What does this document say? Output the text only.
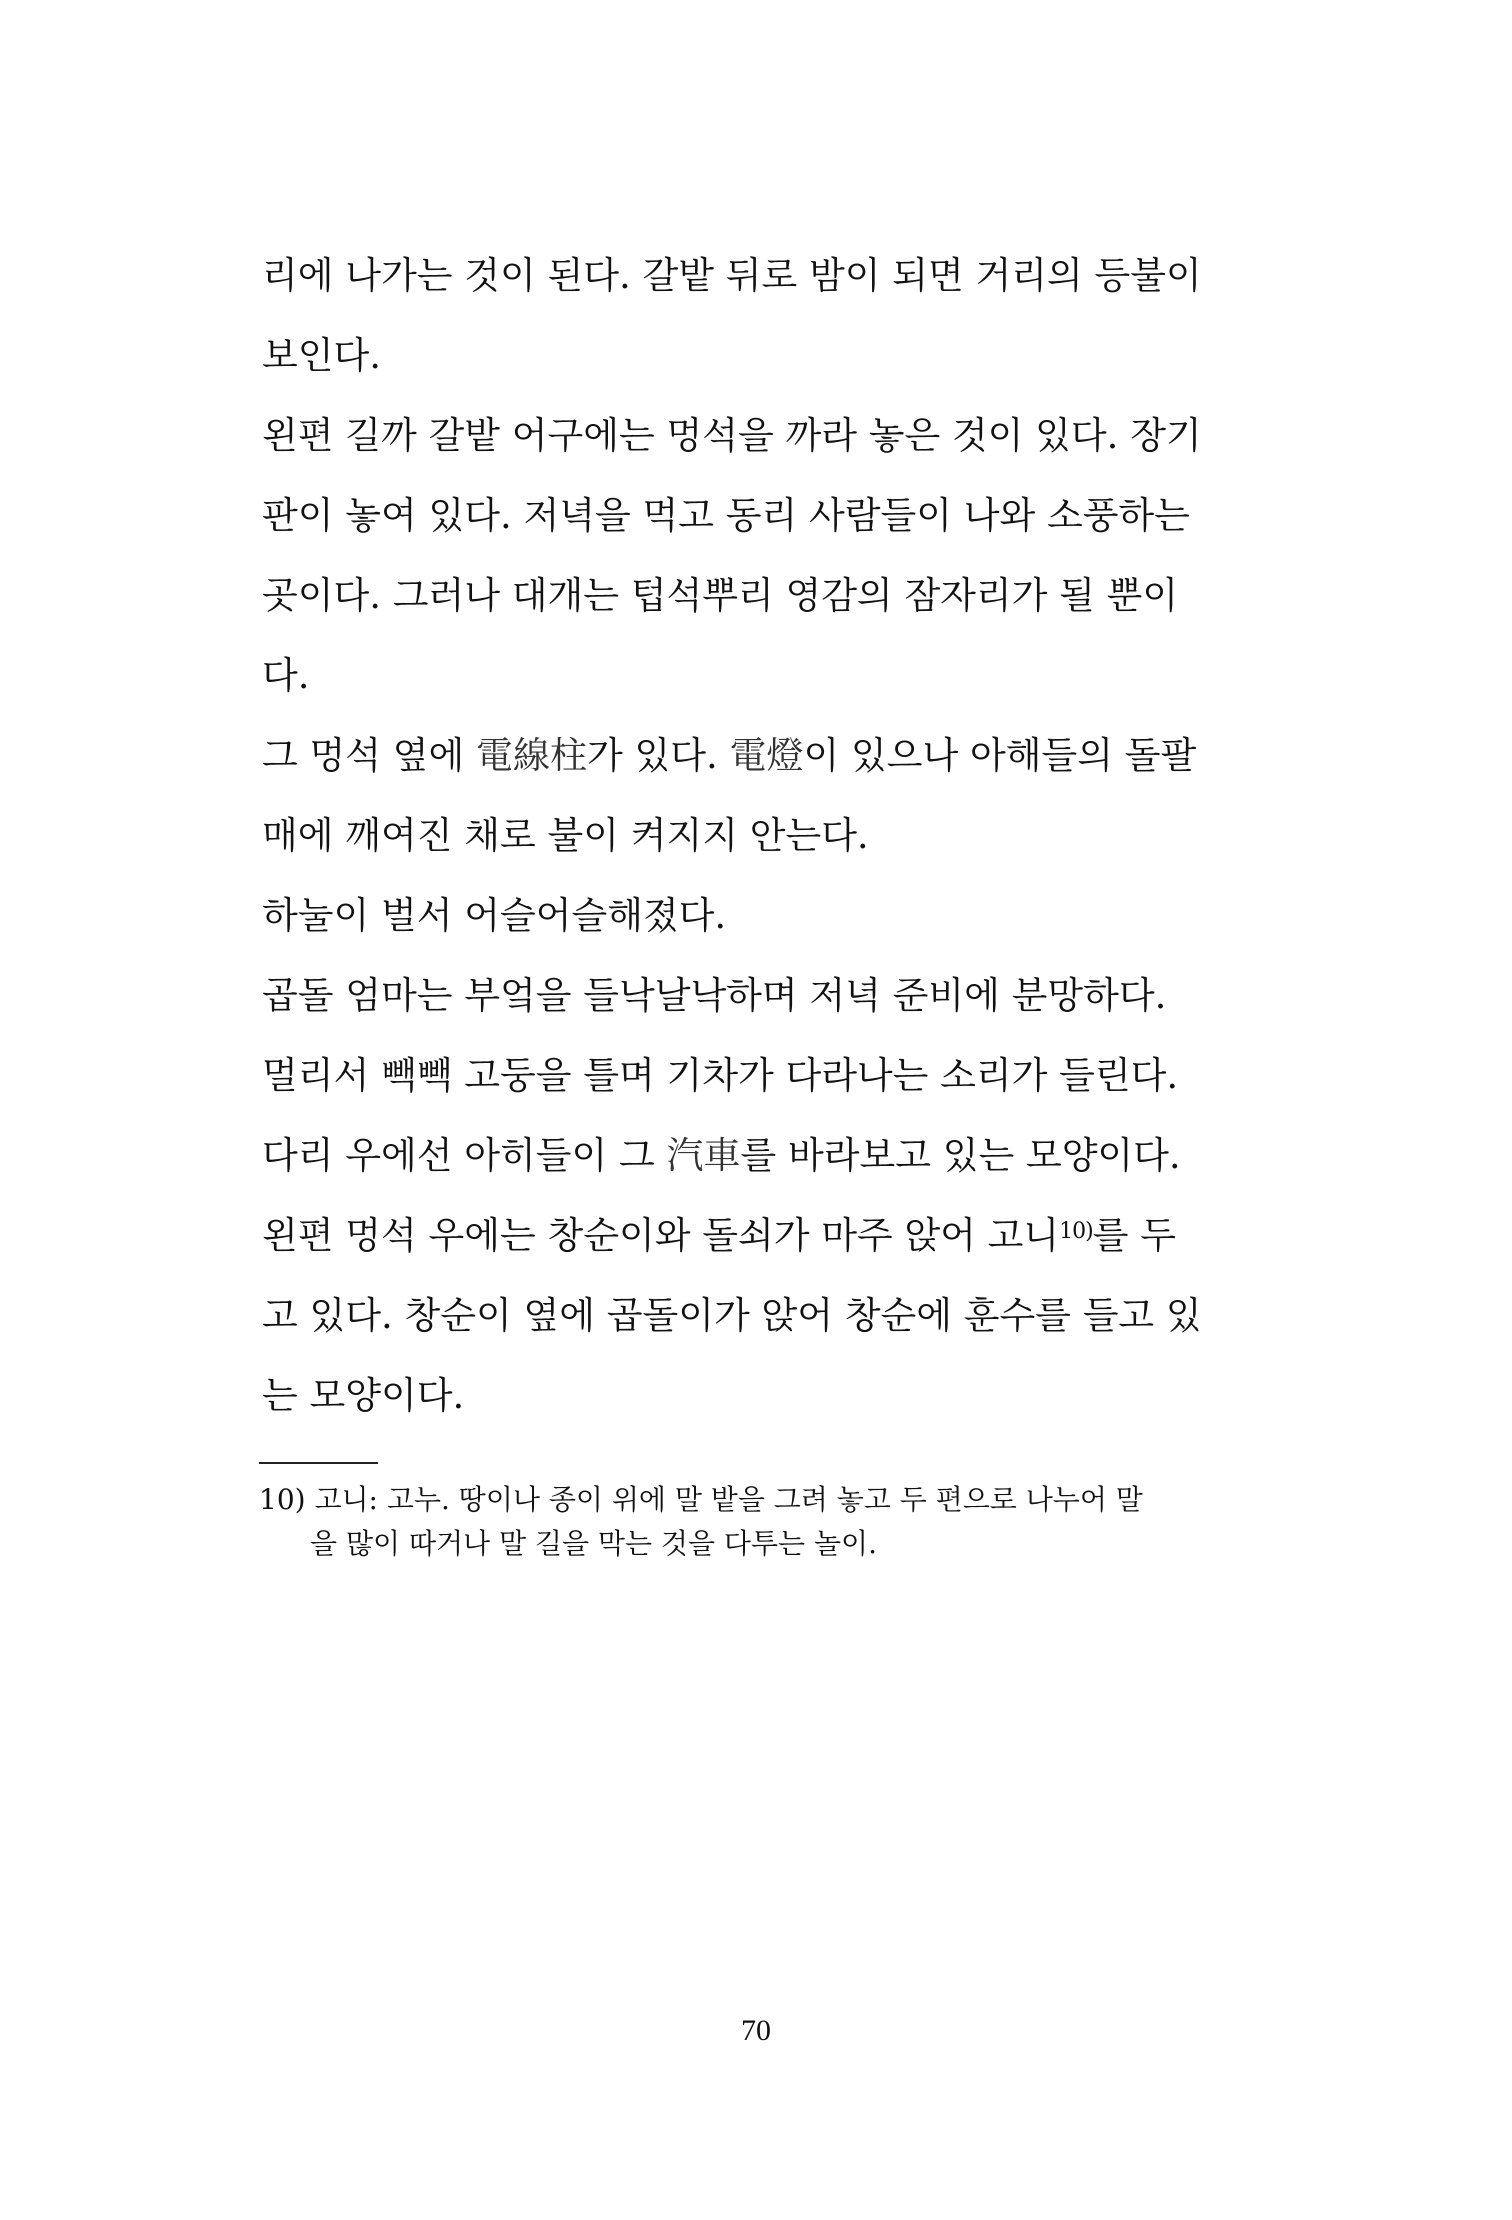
리에 나가는 것이 된다. 갈밭 뒤로 밤이 되면 거리의 등불이
보인다.
왼편 길까 갈밭 어구에는 멍석을 까라 놓은 것이 있다. 장기
판이 놓여 있다. 저녁을 먹고 동리 사람들이 나와 소풍하는
곳이다. 그러나 대개는 텁석뿌리 영감의 잠자리가 될 뿐이
다.
그 멍석 옆에 電線柱가 있다. 電燈이 있으나 아해들의 돌팔
매에 깨여진 채로 불이 켜지지 안는다.
하눌이 벌서 어슬어슬해졌다.
곱돌 엄마는 부엌을 들낙날낙하며 저녁 준비에 분망하다.
멀리서 빽빽 고둥을 틀며 기차가 다라나는 소리가 들린다.
다리 우에선 아히들이 그 汽車를 바라보고 있는 모양이다.
왼편 멍석 우에는 창순이와 돌쇠가 마주 앉어 고니$^{10)}$를 두
고 있다. 창순이 옆에 곱돌이가 앉어 창순에 훈수를 들고 있
는 모양이다.
10) 고니: 고누. 땅이나 종이 위에 말 밭을 그려 놓고 두 편으로 나누어 말
을 많이 따거나 말 길을 막는 것을 다투는 놀이.
70
